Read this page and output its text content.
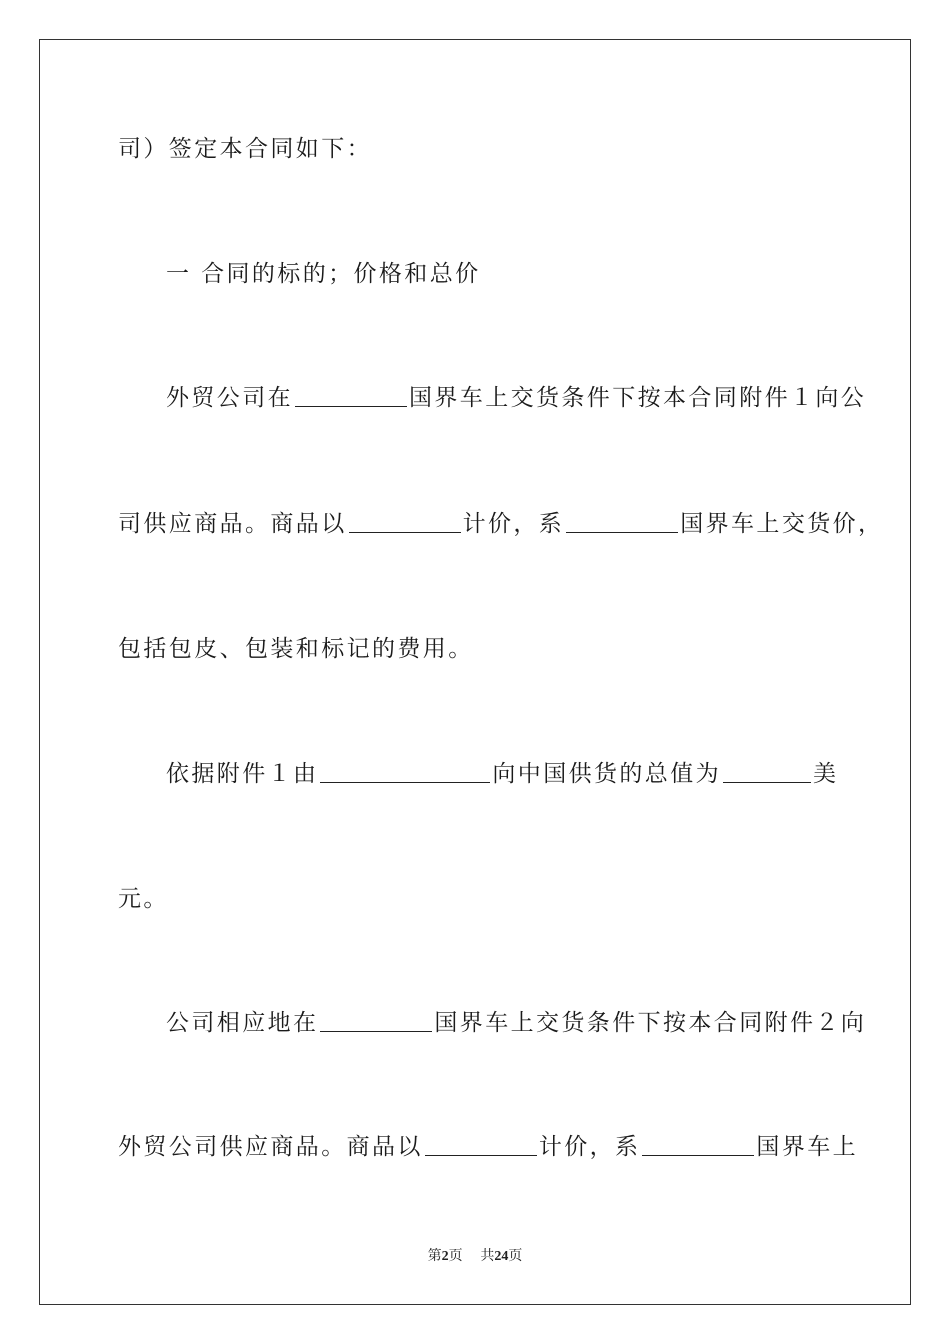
司）签定本合同如下：

一 合同的标的；价格和总价

外贸公司在	国界车上交货条件下按本合同附件１向公

司供应商品。商品以	计价，系	国界车上交货价，

包括包皮、包装和标记的费用。

依据附件１由	向中国供货的总值为	美

元。

公司相应地在	国界车上交货条件下按本合同附件２向

外贸公司供应商品。商品以	计价，系	国界车上

第2页 共24页
